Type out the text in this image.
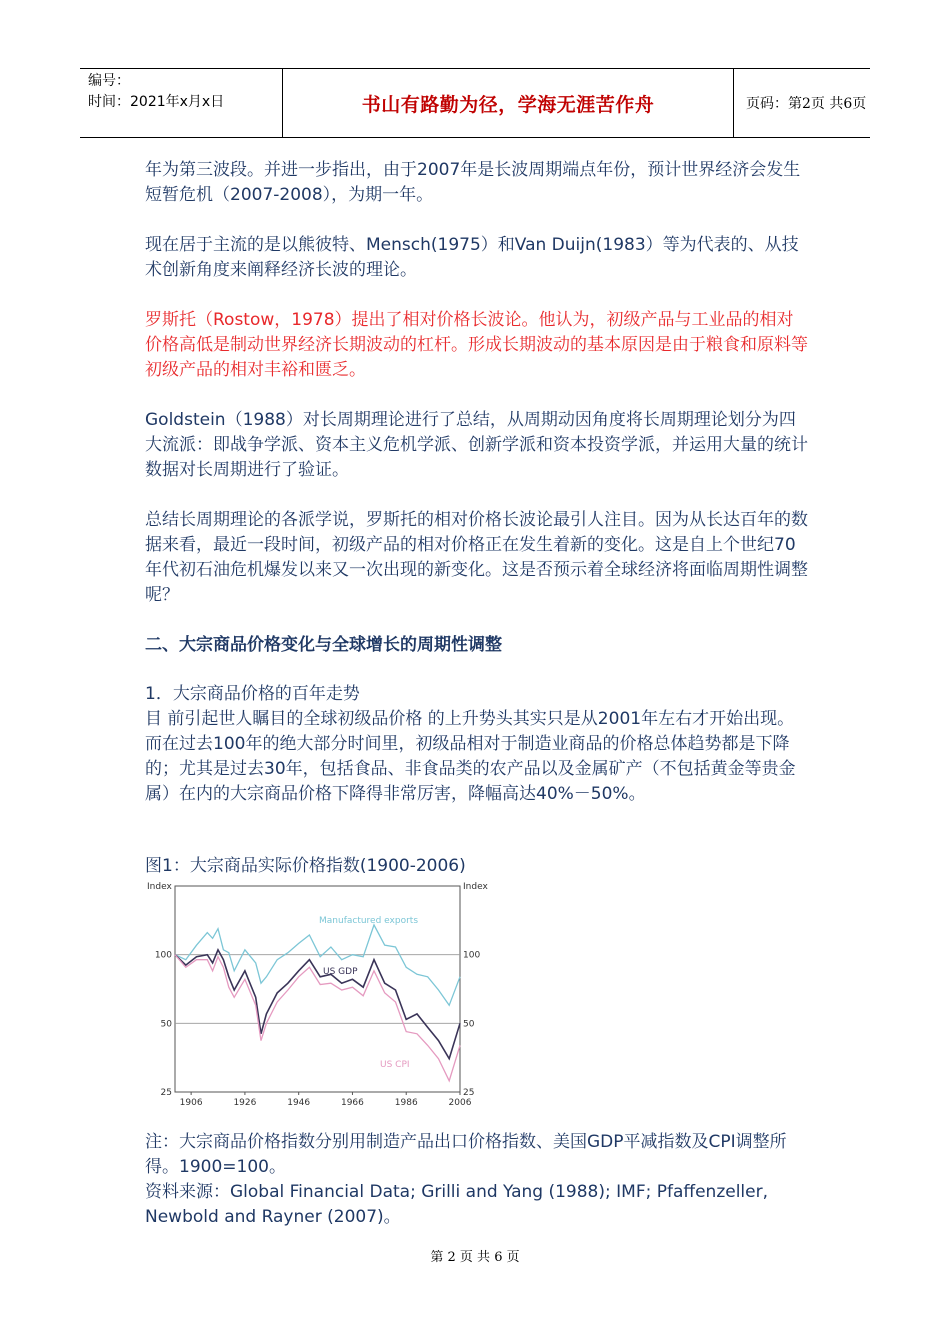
编号：
时间：2021年x月x日	书山有路勤为径，学海无涯苦作舟	页码：第2页 共6页

年为第三波段。并进一步指出，由于2007年是长波周期端点年份，预计世界经济会发生短暂危机（2007-2008），为期一年。

现在居于主流的是以熊彼特、Mensch(1975）和Van Duijn(1983）等为代表的、从技术创新角度来阐释经济长波的理论。

罗斯托（Rostow，1978）提出了相对价格长波论。他认为，初级产品与工业品的相对价格高低是制动世界经济长期波动的杠杆。形成长期波动的基本原因是由于粮食和原料等初级产品的相对丰裕和匮乏。

Goldstein（1988）对长周期理论进行了总结，从周期动因角度将长周期理论划分为四大流派：即战争学派、资本主义危机学派、创新学派和资本投资学派，并运用大量的统计数据对长周期进行了验证。

总结长周期理论的各派学说，罗斯托的相对价格长波论最引人注目。因为从长达百年的数据来看，最近一段时间，初级产品的相对价格正在发生着新的变化。这是自上个世纪70年代初石油危机爆发以来又一次出现的新变化。这是否预示着全球经济将面临周期性调整呢？

二、大宗商品价格变化与全球增长的周期性调整

1．大宗商品价格的百年走势

目 前引起世人瞩目的全球初级品价格 的上升势头其实只是从2001年左右才开始出现。而在过去100年的绝大部分时间里，初级品相对于制造业商品的价格总体趋势都是下降的；尤其是过去30年，包括食品、非食品类的农产品以及金属矿产（不包括黄金等贵金属）在内的大宗商品价格下降得非常厉害，降幅高达40%－50%。

图1：大宗商品实际价格指数(1900-2006)

25	25
50	50
100	100
1906	1926	1946	1966	1986	2006
Index	Index
Manufactured exports
US GDP
US CPI

注：大宗商品价格指数分别用制造产品出口价格指数、美国GDP平减指数及CPI调整所得。1900=100。

资料来源：Global Financial Data; Grilli and Yang (1988); IMF; Pfaffenzeller, Newbold and Rayner (2007)。

第 2 页 共 6 页
